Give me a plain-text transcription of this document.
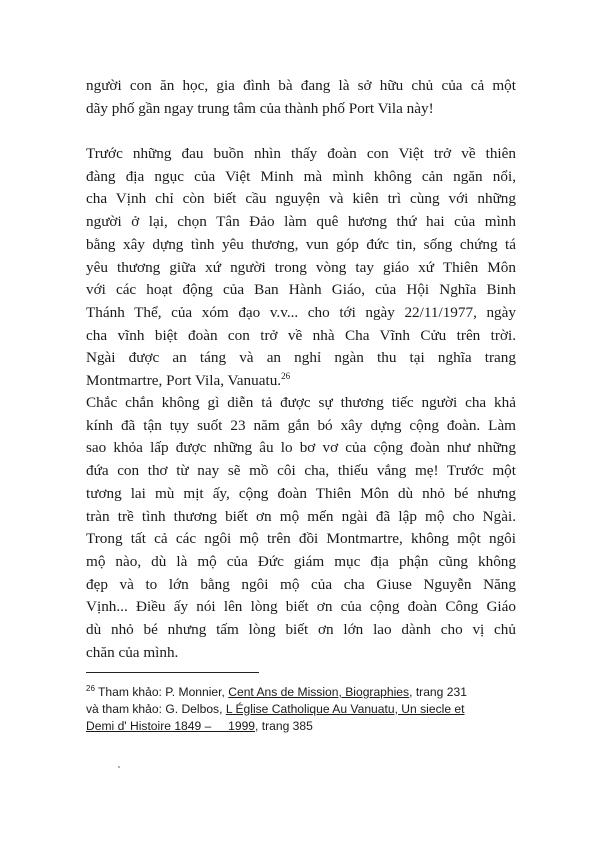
người con ăn học, gia đình bà đang là sở hữu chủ của cả một
dãy phố gần ngay trung tâm của thành phố Port Vila này!

Trước những đau buồn nhìn thấy đoàn con Việt trở về thiên
đàng địa ngục của Việt Minh mà mình không cản ngăn nổi,
cha Vịnh chỉ còn biết cầu nguyện và kiên trì cùng với những
người ở lại, chọn Tân Đảo làm quê hương thứ hai của mình
bằng xây dựng tình yêu thương, vun góp đức tin, sống chứng tá
yêu thương giữa xứ người trong vòng tay giáo xứ Thiên Môn
với các hoạt động của Ban Hành Giáo, của Hội Nghĩa Binh
Thánh Thể, của xóm đạo v.v... cho tới ngày 22/11/1977, ngày
cha vĩnh biệt đoàn con trở về nhà Cha Vĩnh Cửu trên trời.
Ngài được an táng và an nghỉ ngàn thu tại nghĩa trang
Montmartre, Port Vila, Vanuatu.$^{26}$

Chắc chắn không gì diễn tả được sự thương tiếc người cha khả
kính đã tận tụy suốt 23 năm gắn bó xây dựng cộng đoàn. Làm
sao khỏa lấp được những âu lo bơ vơ của cộng đoàn như những
đứa con thơ từ nay sẽ mồ côi cha, thiếu vắng mẹ! Trước một
tương lai mù mịt ấy, cộng đoàn Thiên Môn dù nhỏ bé nhưng
tràn trề tình thương biết ơn mộ mến ngài đã lập mộ cho Ngài.
Trong tất cả các ngôi mộ trên đồi Montmartre, không một ngôi
mộ nào, dù là mộ của Đức giám mục địa phận cũng không
đẹp và to lớn bằng ngôi mộ của cha Giuse Nguyễn Năng
Vịnh... Điều ấy nói lên lòng biết ơn của cộng đoàn Công Giáo
dù nhỏ bé nhưng tấm lòng biết ơn lớn lao dành cho vị chủ
chăn của mình.

$^{26}$ Tham khảo: P. Monnier, Cent Ans de Mission, Biographies, trang 231
và tham khảo: G. Delbos, L Église Catholique Au Vanuatu, Un siecle et
Demi d' Histoire 1849 –     1999, trang 385
